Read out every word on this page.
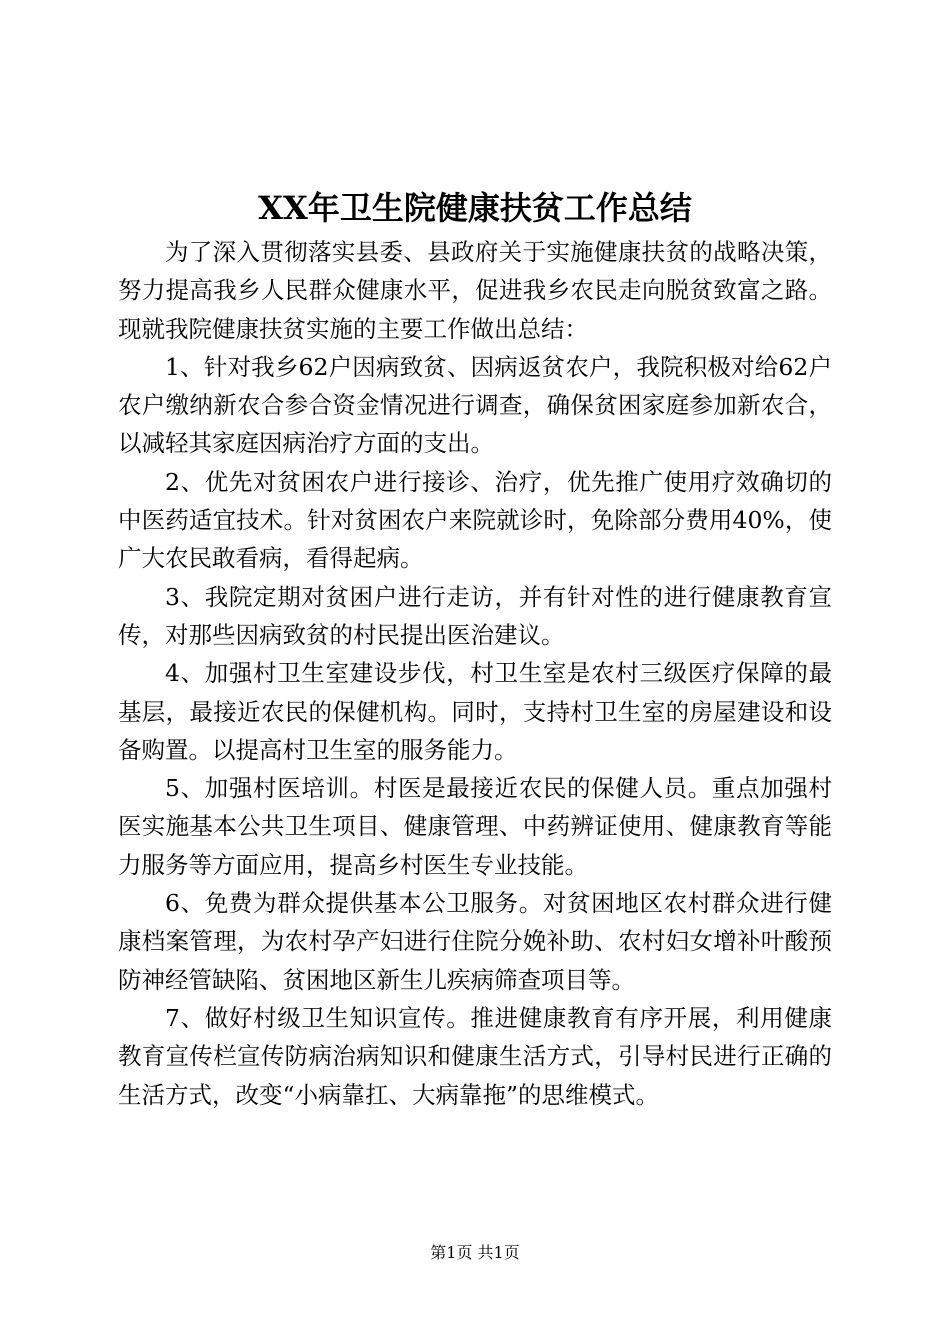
XX年卫生院健康扶贫工作总结

为了深入贯彻落实县委、县政府关于实施健康扶贫的战略决策，努力提高我乡人民群众健康水平，促进我乡农民走向脱贫致富之路。现就我院健康扶贫实施的主要工作做出总结：

1、针对我乡62户因病致贫、因病返贫农户，我院积极对给62户农户缴纳新农合参合资金情况进行调查，确保贫困家庭参加新农合，以减轻其家庭因病治疗方面的支出。

2、优先对贫困农户进行接诊、治疗，优先推广使用疗效确切的中医药适宜技术。针对贫困农户来院就诊时，免除部分费用40%，使广大农民敢看病，看得起病。

3、我院定期对贫困户进行走访，并有针对性的进行健康教育宣传，对那些因病致贫的村民提出医治建议。

4、加强村卫生室建设步伐，村卫生室是农村三级医疗保障的最基层，最接近农民的保健机构。同时，支持村卫生室的房屋建设和设备购置。以提高村卫生室的服务能力。

5、加强村医培训。村医是最接近农民的保健人员。重点加强村医实施基本公共卫生项目、健康管理、中药辨证使用、健康教育等能力服务等方面应用，提高乡村医生专业技能。

6、免费为群众提供基本公卫服务。对贫困地区农村群众进行健康档案管理，为农村孕产妇进行住院分娩补助、农村妇女增补叶酸预防神经管缺陷、贫困地区新生儿疾病筛查项目等。

7、做好村级卫生知识宣传。推进健康教育有序开展，利用健康教育宣传栏宣传防病治病知识和健康生活方式，引导村民进行正确的生活方式，改变“小病靠扛、大病靠拖”的思维模式。

第1页 共1页
